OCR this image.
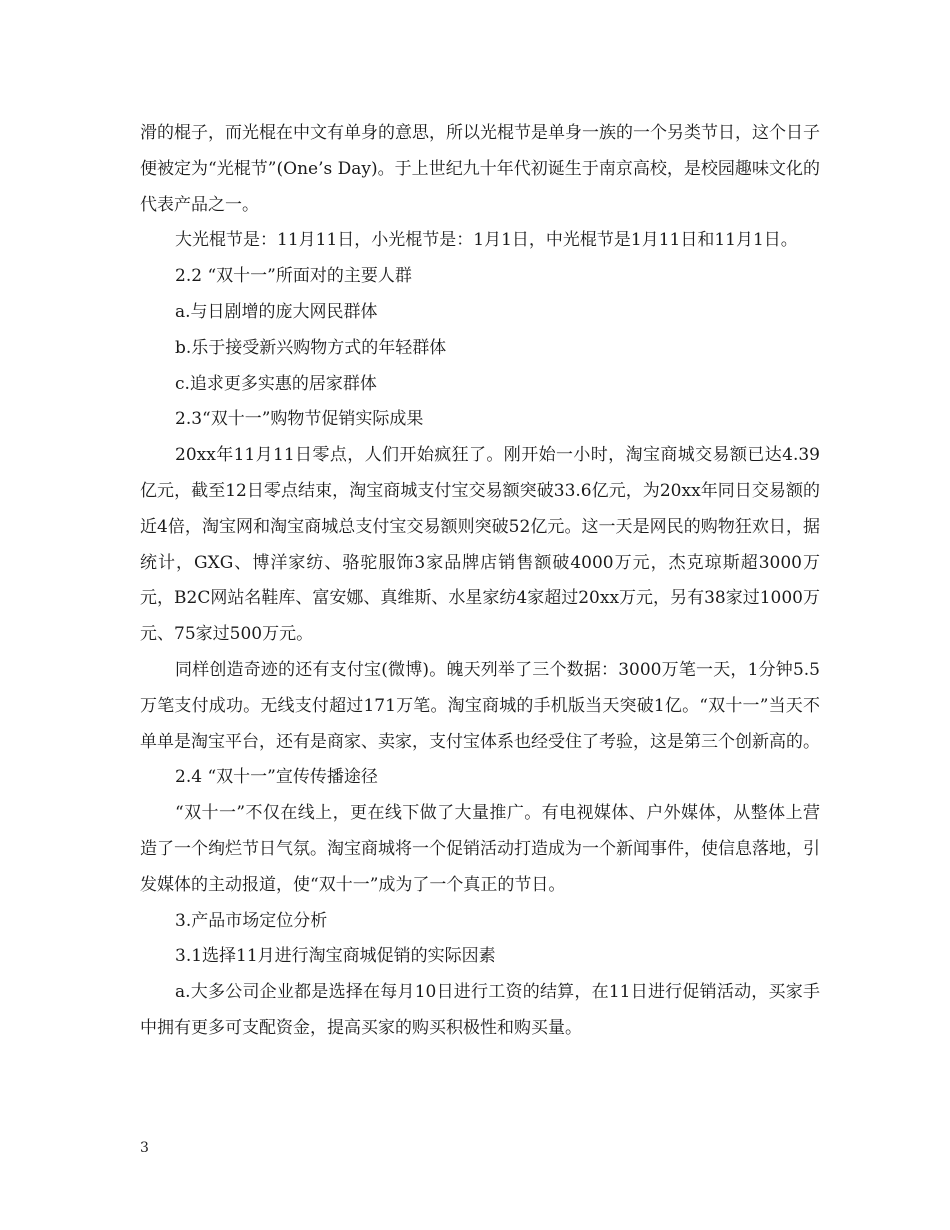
滑的棍子，而光棍在中文有单身的意思，所以光棍节是单身一族的一个另类节日，这个日子便被定为“光棍节”(One’s Day)。于上世纪九十年代初诞生于南京高校，是校园趣味文化的代表产品之一。

大光棍节是：11月11日，小光棍节是：1月1日，中光棍节是1月11日和11月1日。

2.2 “双十一”所面对的主要人群

a.与日剧增的庞大网民群体

b.乐于接受新兴购物方式的年轻群体

c.追求更多实惠的居家群体

2.3“双十一”购物节促销实际成果

20xx年11月11日零点，人们开始疯狂了。刚开始一小时，淘宝商城交易额已达4.39亿元，截至12日零点结束，淘宝商城支付宝交易额突破33.6亿元，为20xx年同日交易额的近4倍，淘宝网和淘宝商城总支付宝交易额则突破52亿元。这一天是网民的购物狂欢日，据统计，GXG、博洋家纺、骆驼服饰3家品牌店销售额破4000万元，杰克琼斯超3000万元，B2C网站名鞋库、富安娜、真维斯、水星家纺4家超过20xx万元，另有38家过1000万元、75家过500万元。

同样创造奇迹的还有支付宝(微博)。魄天列举了三个数据：3000万笔一天，1分钟5.5万笔支付成功。无线支付超过171万笔。淘宝商城的手机版当天突破1亿。“双十一”当天不单单是淘宝平台，还有是商家、卖家，支付宝体系也经受住了考验，这是第三个创新高的。

2.4 “双十一”宣传传播途径

“双十一”不仅在线上，更在线下做了大量推广。有电视媒体、户外媒体，从整体上营造了一个绚烂节日气氛。淘宝商城将一个促销活动打造成为一个新闻事件，使信息落地，引发媒体的主动报道，使“双十一”成为了一个真正的节日。

3.产品市场定位分析

3.1选择11月进行淘宝商城促销的实际因素

a.大多公司企业都是选择在每月10日进行工资的结算，在11日进行促销活动，买家手中拥有更多可支配资金，提高买家的购买积极性和购买量。

3
